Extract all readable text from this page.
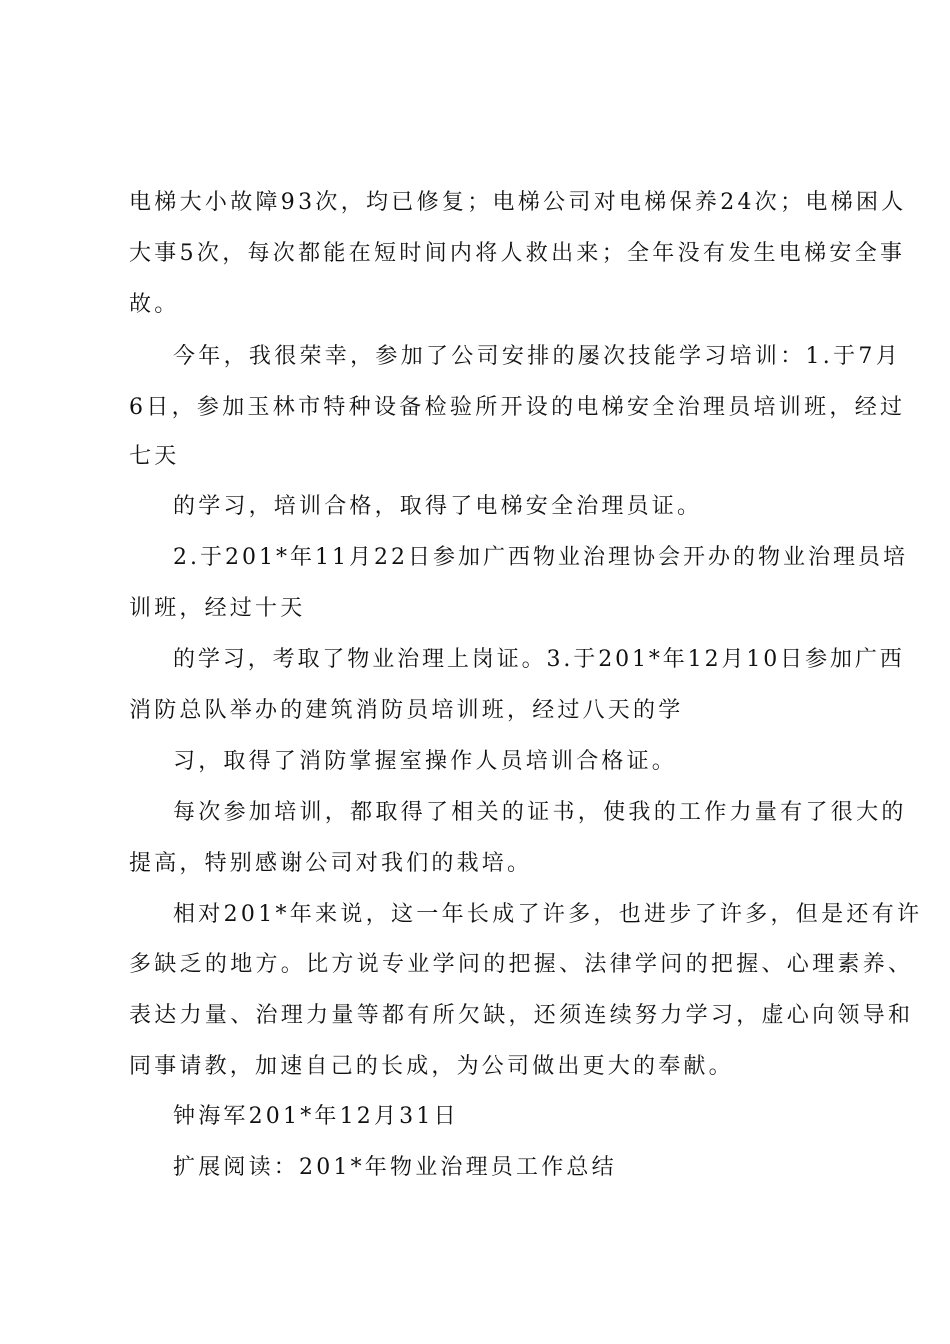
电梯大小故障93次，均已修复；电梯公司对电梯保养24次；电梯困人
大事5次，每次都能在短时间内将人救出来；全年没有发生电梯安全事
故。
今年，我很荣幸，参加了公司安排的屡次技能学习培训：1.于7月
6日，参加玉林市特种设备检验所开设的电梯安全治理员培训班，经过
七天
的学习，培训合格，取得了电梯安全治理员证。
2.于201*年11月22日参加广西物业治理协会开办的物业治理员培
训班，经过十天
的学习，考取了物业治理上岗证。3.于201*年12月10日参加广西
消防总队举办的建筑消防员培训班，经过八天的学
习，取得了消防掌握室操作人员培训合格证。
每次参加培训，都取得了相关的证书，使我的工作力量有了很大的
提高，特别感谢公司对我们的栽培。
相对201*年来说，这一年长成了许多，也进步了许多，但是还有许
多缺乏的地方。比方说专业学问的把握、法律学问的把握、心理素养、
表达力量、治理力量等都有所欠缺，还须连续努力学习，虚心向领导和
同事请教，加速自己的长成，为公司做出更大的奉献。
钟海军201*年12月31日
扩展阅读：201*年物业治理员工作总结
